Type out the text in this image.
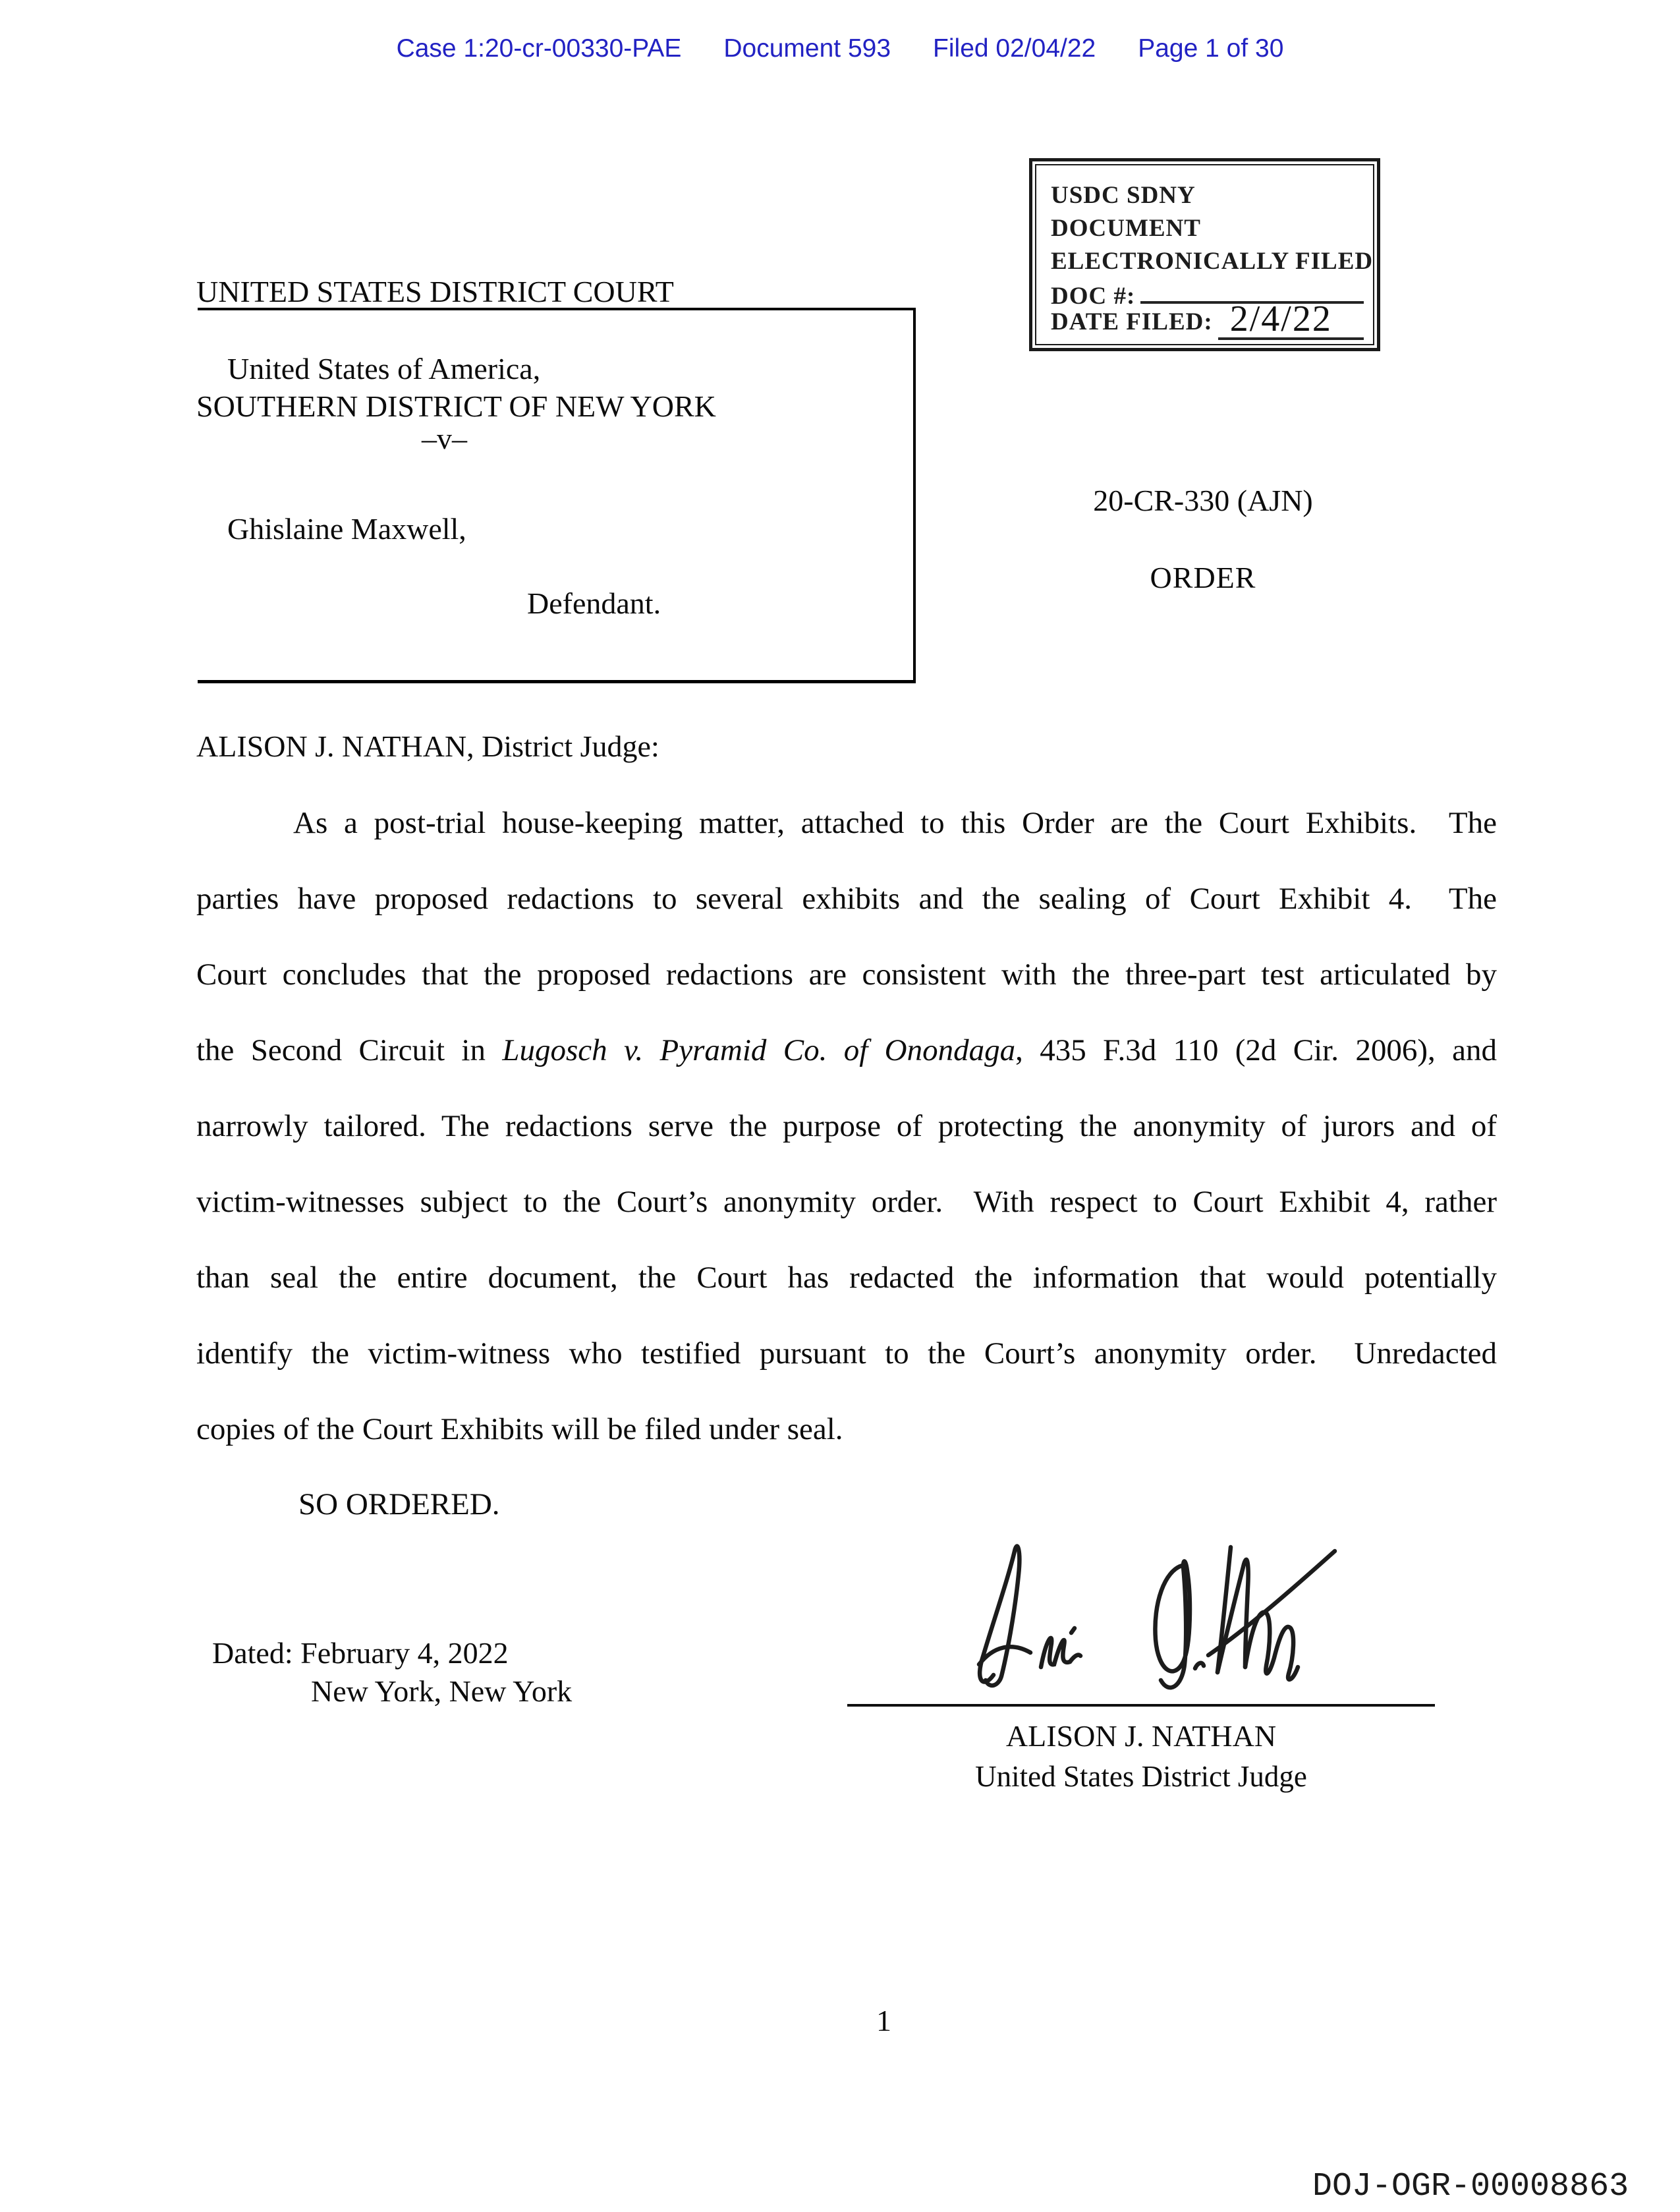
Case 1:20-cr-00330-PAE Document 593 Filed 02/04/22 Page 1 of 30
USDC SDNY
DOCUMENT
ELECTRONICALLY FILED
DOC #:
DATE FILED: 2/4/22

UNITED STATES DISTRICT COURT

SOUTHERN DISTRICT OF NEW YORK

United States of America,
–v–
Ghislaine Maxwell,
Defendant.
20-CR-330 (AJN)
ORDER
ALISON J. NATHAN, District Judge:
As a post-trial house-keeping matter, attached to this Order are the Court Exhibits.  The
parties have proposed redactions to several exhibits and the sealing of Court Exhibit 4.  The
Court concludes that the proposed redactions are consistent with the three-part test articulated by
the Second Circuit in Lugosch v. Pyramid Co. of Onondaga, 435 F.3d 110 (2d Cir. 2006), and
narrowly tailored. The redactions serve the purpose of protecting the anonymity of jurors and of
victim-witnesses subject to the Court’s anonymity order.  With respect to Court Exhibit 4, rather
than seal the entire document, the Court has redacted the information that would potentially
identify the victim-witness who testified pursuant to the Court’s anonymity order.  Unredacted
copies of the Court Exhibits will be filed under seal.
SO ORDERED.
Dated: February 4, 2022
New York, New York
ALISON J. NATHAN
United States District Judge
1
DOJ-OGR-00008863
